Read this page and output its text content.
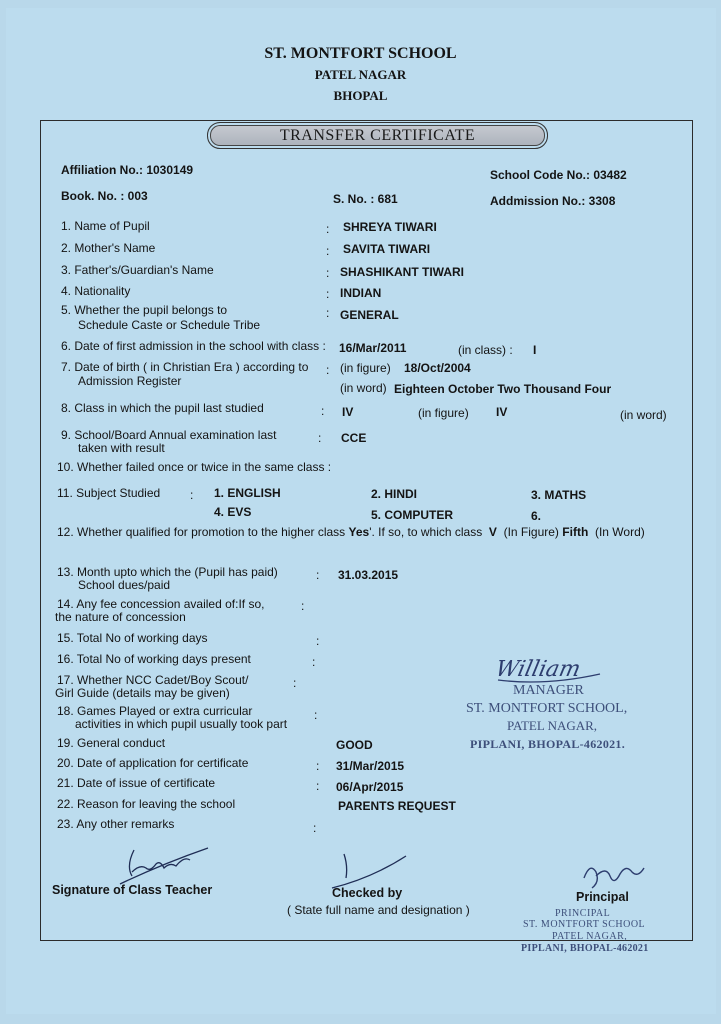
ST. MONTFORT SCHOOL
PATEL NAGAR
BHOPAL
TRANSFER CERTIFICATE
Affiliation No.: 1030149	School Code No.: 03482
Book. No. : 003	S. No. : 681	Addmission No.: 3308
1. Name of Pupil	: SHREYA TIWARI
2. Mother's Name	: SAVITA TIWARI
3. Father's/Guardian's Name	: SHASHIKANT TIWARI
4. Nationality	: INDIAN
5. Whether the pupil belongs to
Schedule Caste or Schedule Tribe
: GENERAL
6. Date of first admission in the school with class : 16/Mar/2011	(in class) : I
7. Date of birth ( in Christian Era ) according to
Admission Register
: (in figure) 18/Oct/2004
(in word) Eighteen October Two Thousand Four
8. Class in which the pupil last studied	: IV	(in figure) IV	(in word)
9. School/Board Annual examination last
taken with result
: CCE
10. Whether failed once or twice in the same class :
11. Subject Studied : 1. ENGLISH	2. HINDI	3. MATHS
4. EVS	5. COMPUTER	6.
12. Whether qualified for promotion to the higher class Yes'. If so, to which class V (In Figure) Fifth (In Word)
13. Month upto which the (Pupil has paid)
School dues/paid
: 31.03.2015
14. Any fee concession availed of:If so,
the nature of concession
:
15. Total No of working days	:
16. Total No of working days present	:
17. Whether NCC Cadet/Boy Scout/
Girl Guide (details may be given)
:
18. Games Played or extra curricular
activities in which pupil usually took part
:
19. General conduct	GOOD
20. Date of application for certificate	: 31/Mar/2015
21. Date of issue of certificate	: 06/Apr/2015
22. Reason for leaving the school	PARENTS REQUEST
23. Any other remarks	:
William
MANAGER
ST. MONTFORT SCHOOL,
PATEL NAGAR,
PIPLANI, BHOPAL-462021.
Signature of Class Teacher	Checked by
( State full name and designation )
Principal
PRINCIPAL
ST. MONTFORT SCHOOL
PATEL NAGAR,
PIPLANI, BHOPAL-462021
